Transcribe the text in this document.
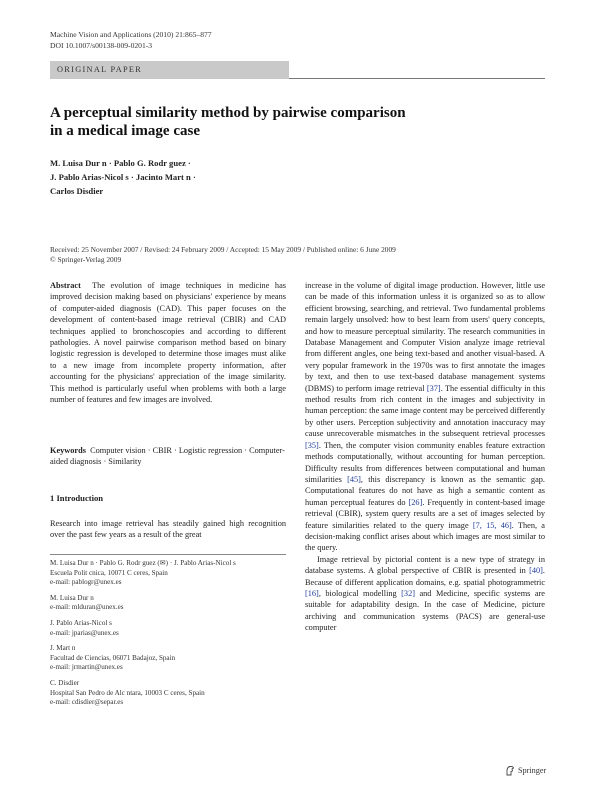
Machine Vision and Applications (2010) 21:865–877
DOI 10.1007/s00138-009-0201-3
ORIGINAL PAPER
A perceptual similarity method by pairwise comparison
in a medical image case
M. Luisa Dur n · Pablo G. Rodr guez ·
J. Pablo Arias-Nicol s · Jacinto Mart n ·
Carlos Disdier
Received: 25 November 2007 / Revised: 24 February 2009 / Accepted: 15 May 2009 / Published online: 6 June 2009
© Springer-Verlag 2009

Abstract The evolution of image techniques in medicine has improved decision making based on physicians' experience by means of computer-aided diagnosis (CAD). This paper focuses on the development of content-based image retrieval (CBIR) and CAD techniques applied to bronchoscopies and according to different pathologies. A novel pairwise comparison method based on binary logistic regression is developed to determine those images must alike to a new image from incomplete property information, after accounting for the physicians' appreciation of the image similarity. This method is particularly useful when problems with both a large number of features and few images are involved.

Keywords Computer vision · CBIR · Logistic regression · Computer-aided diagnosis · Similarity

1 Introduction
Research into image retrieval has steadily gained high recognition over the past few years as a result of the great
M. Luisa Dur n · Pablo G. Rodr guez (✉) · J. Pablo Arias-Nicol s
Escuela Polit cnica, 10071 C ceres, Spain
e-mail: pablogr@unex.es
M. Luisa Dur n
e-mail: mlduran@unex.es
J. Pablo Arias-Nicol s
e-mail: jparias@unex.es
J. Mart n
Facultad de Ciencias, 06071 Badajoz, Spain
e-mail: jrmartin@unex.es
C. Disdier
Hospital San Pedro de Alc ntara, 10003 C ceres, Spain
e-mail: cdisdier@separ.es

increase in the volume of digital image production. However, little use can be made of this information unless it is organized so as to allow efficient browsing, searching, and retrieval. Two fundamental problems remain largely unsolved: how to best learn from users' query concepts, and how to measure perceptual similarity. The research communities in Database Management and Computer Vision analyze image retrieval from different angles, one being text-based and another visual-based. A very popular framework in the 1970s was to first annotate the images by text, and then to use text-based database management systems (DBMS) to perform image retrieval [37]. The essential difficulty in this method results from rich content in the images and subjectivity in human perception: the same image content may be perceived differently by other users. Perception subjectivity and annotation inaccuracy may cause unrecoverable mismatches in the subsequent retrieval processes [35]. Then, the computer vision community enables feature extraction methods computationally, without accounting for human perception. Difficulty results from differences between computational and human similarities [45], this discrepancy is known as the semantic gap. Computational features do not have as high a semantic content as human perceptual features do [26]. Frequently in content-based image retrieval (CBIR), system query results are a set of images selected by feature similarities related to the query image [7, 15, 46]. Then, a decision-making conflict arises about which images are most similar to the query.

Image retrieval by pictorial content is a new type of strategy in database systems. A global perspective of CBIR is presented in [40]. Because of different application domains, e.g. spatial photogrammetric [16], biological modelling [32] and Medicine, specific systems are suitable for adaptability design. In the case of Medicine, picture archiving and communication systems (PACS) are general-use computer

Springer
